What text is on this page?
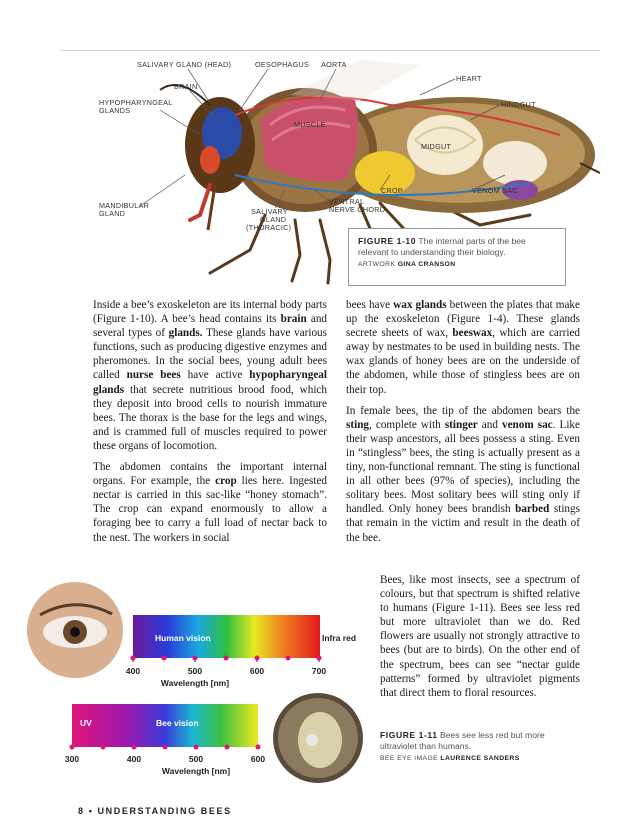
SALIVARY GLAND (HEAD)	OESOPHAGUS AORTA
BRAIN
HEART
HYPOPHARYNGEAL
GLANDS
HINDGUT
MUSCLE
MIDGUT
CROP	VENOM SAC
MANDIBULAR
GLAND
VENTRAL
NERVE CHORD
SALIVARY
GLAND
(THORACIC)
FIGURE 1-10 The internal parts of the bee relevant to understanding their biology.
ARTWORK GINA CRANSON

Inside a bee’s exoskeleton are its internal body parts (Figure 1-10). A bee’s head contains its brain and several types of glands. These glands have various functions, such as producing digestive enzymes and pheromones. In the social bees, young adult bees called nurse bees have active hypopharyngeal glands that secrete nutritious brood food, which they deposit into brood cells to nourish immature bees. The thorax is the base for the legs and wings, and is crammed full of muscles required to power these organs of locomotion.

The abdomen contains the important internal organs. For example, the crop lies here. Ingested nectar is carried in this sac-like “honey stomach”. The crop can expand enormously to allow a foraging bee to carry a full load of nectar back to the nest. The workers in social

bees have wax glands between the plates that make up the exoskeleton (Figure 1-4). These glands secrete sheets of wax, beeswax, which are carried away by nestmates to be used in building nests. The wax glands of honey bees are on the underside of the abdomen, while those of stingless bees are on their top.

In female bees, the tip of the abdomen bears the sting, complete with stinger and venom sac. Like their wasp ancestors, all bees possess a sting. Even in “stingless” bees, the sting is actually present as a tiny, non-functional remnant. The sting is functional in all other bees (97% of species), including the solitary bees. Most solitary bees will sting only if handled. Only honey bees brandish barbed stings that remain in the victim and result in the death of the bee.

Bees, like most insects, see a spectrum of colours, but that spectrum is shifted relative to humans (Figure 1-11). Bees see less red but more ultraviolet than we do. Red flowers are usually not strongly attractive to bees (but are to birds). On the other end of the spectrum, bees can see “nectar guide patterns” formed by ultraviolet pigments that direct them to floral resources.

Human vision	Infra red
400	500	600	700
Wavelength [nm]
UV	Bee vision
300	400	500	600
Wavelength [nm]
FIGURE 1-11 Bees see less red but more ultraviolet than humans.
BEE EYE IMAGE LAURENCE SANDERS
8 • UNDERSTANDING BEES
